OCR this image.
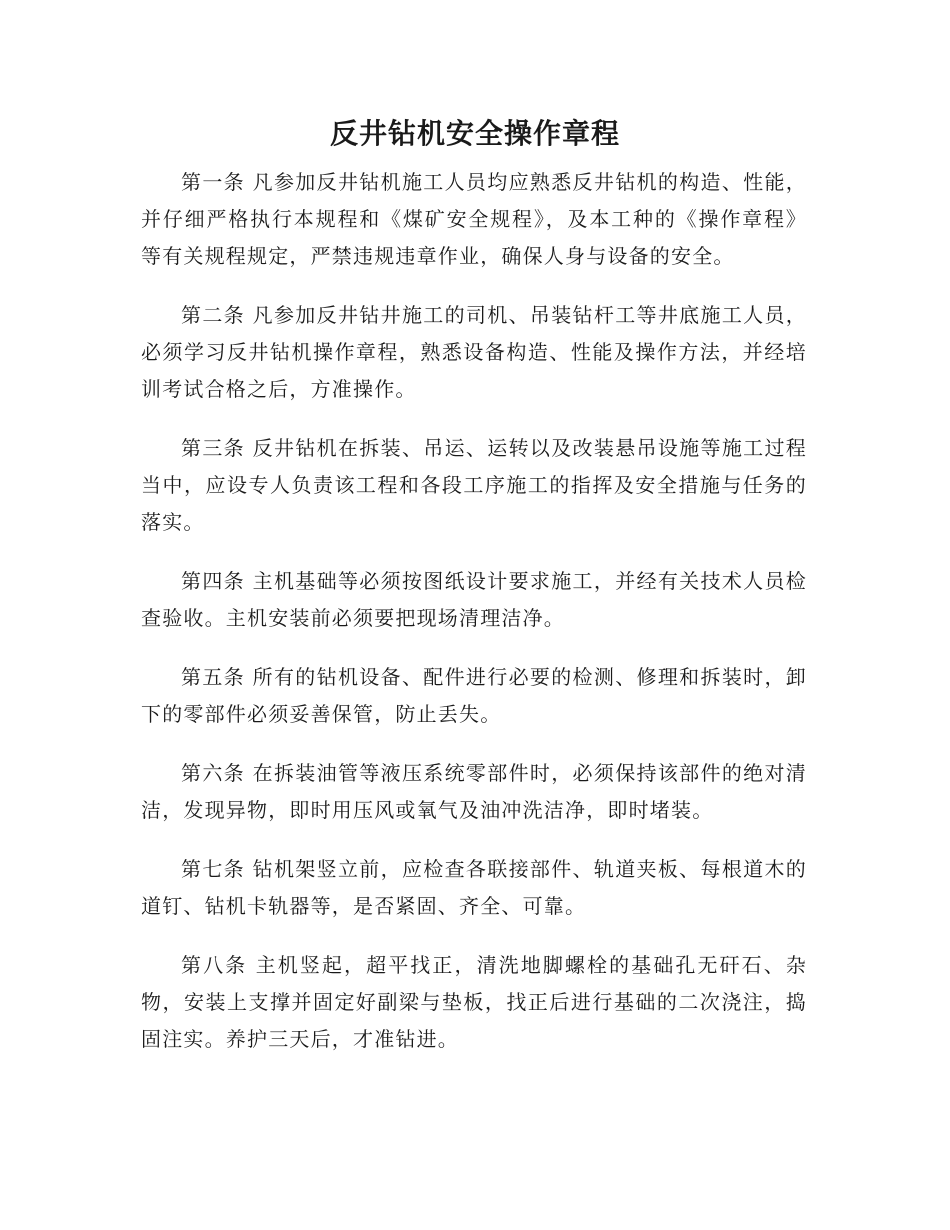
反井钻机安全操作章程

第一条 凡参加反井钻机施工人员均应熟悉反井钻机的构造、性能，并仔细严格执行本规程和《煤矿安全规程》，及本工种的《操作章程》等有关规程规定，严禁违规违章作业，确保人身与设备的安全。

第二条 凡参加反井钻井施工的司机、吊装钻杆工等井底施工人员，必须学习反井钻机操作章程，熟悉设备构造、性能及操作方法，并经培训考试合格之后，方准操作。

第三条 反井钻机在拆装、吊运、运转以及改装悬吊设施等施工过程当中，应设专人负责该工程和各段工序施工的指挥及安全措施与任务的落实。

第四条 主机基础等必须按图纸设计要求施工，并经有关技术人员检查验收。主机安装前必须要把现场清理洁净。

第五条 所有的钻机设备、配件进行必要的检测、修理和拆装时，卸下的零部件必须妥善保管，防止丢失。

第六条 在拆装油管等液压系统零部件时，必须保持该部件的绝对清洁，发现异物，即时用压风或氧气及油冲洗洁净，即时堵装。

第七条 钻机架竖立前，应检查各联接部件、轨道夹板、每根道木的道钉、钻机卡轨器等，是否紧固、齐全、可靠。

第八条 主机竖起，超平找正，清洗地脚螺栓的基础孔无矸石、杂物，安装上支撑并固定好副梁与垫板，找正后进行基础的二次浇注，捣固注实。养护三天后，才准钻进。
